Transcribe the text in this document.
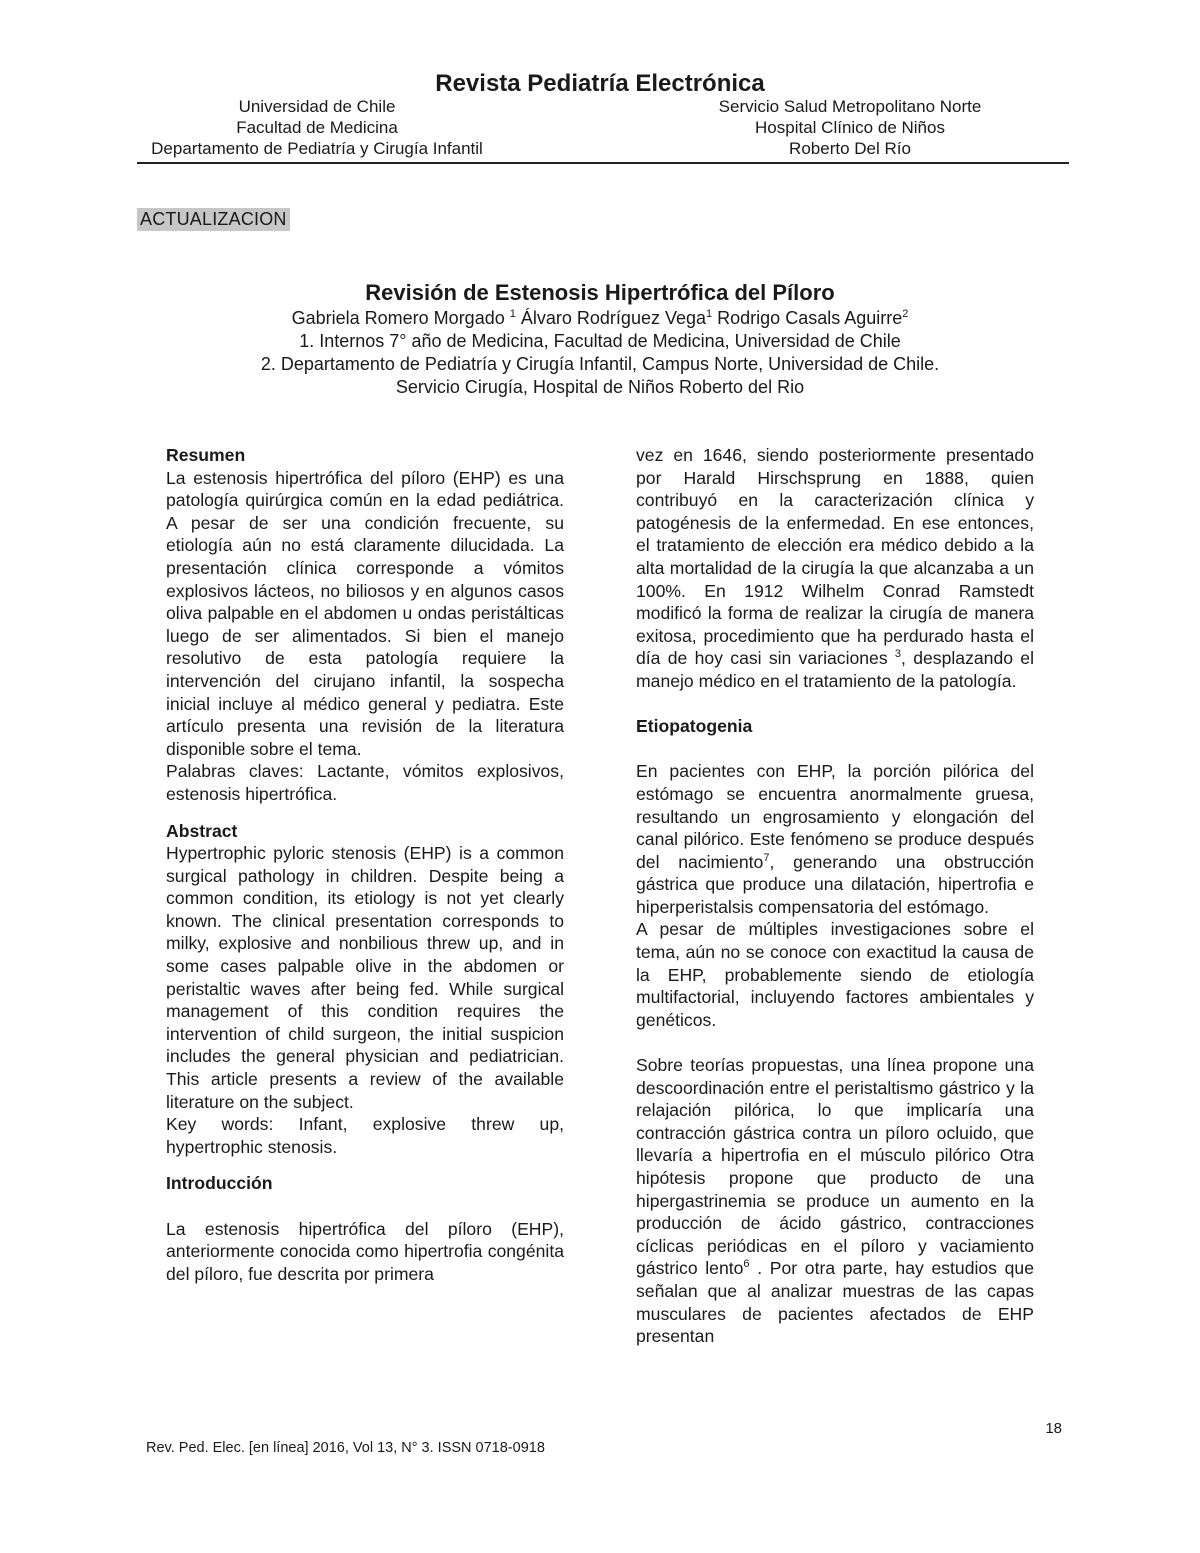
Revista Pediatría Electrónica
Universidad de Chile
Facultad de Medicina
Departamento de Pediatría y Cirugía Infantil
Servicio Salud Metropolitano Norte
Hospital Clínico de Niños
Roberto Del Río
ACTUALIZACION
Revisión de Estenosis Hipertrófica del Píloro
Gabriela Romero Morgado $^1$ Álvaro Rodríguez Vega$^1$ Rodrigo Casals Aguirre$^2$
1. Internos 7° año de Medicina, Facultad de Medicina, Universidad de Chile
2. Departamento de Pediatría y Cirugía Infantil, Campus Norte, Universidad de Chile.
Servicio Cirugía, Hospital de Niños Roberto del Rio
Resumen

La estenosis hipertrófica del píloro (EHP) es una patología quirúrgica común en la edad pediátrica. A pesar de ser una condición frecuente, su etiología aún no está claramente dilucidada. La presentación clínica corresponde a vómitos explosivos lácteos, no biliosos y en algunos casos oliva palpable en el abdomen u ondas peristálticas luego de ser alimentados. Si bien el manejo resolutivo de esta patología requiere la intervención del cirujano infantil, la sospecha inicial incluye al médico general y pediatra. Este artículo presenta una revisión de la literatura disponible sobre el tema.

Palabras claves: Lactante, vómitos explosivos, estenosis hipertrófica.

Abstract

Hypertrophic pyloric stenosis (EHP) is a common surgical pathology in children. Despite being a common condition, its etiology is not yet clearly known. The clinical presentation corresponds to milky, explosive and nonbilious threw up, and in some cases palpable olive in the abdomen or peristaltic waves after being fed. While surgical management of this condition requires the intervention of child surgeon, the initial suspicion includes the general physician and pediatrician. This article presents a review of the available literature on the subject.

Key words: Infant, explosive threw up, hypertrophic stenosis.

Introducción

La estenosis hipertrófica del píloro (EHP), anteriormente conocida como hipertrofia congénita del píloro, fue descrita por primera

vez en 1646, siendo posteriormente presentado por Harald Hirschsprung en 1888, quien contribuyó en la caracterización clínica y patogénesis de la enfermedad. En ese entonces, el tratamiento de elección era médico debido a la alta mortalidad de la cirugía la que alcanzaba a un 100%. En 1912 Wilhelm Conrad Ramstedt modificó la forma de realizar la cirugía de manera exitosa, procedimiento que ha perdurado hasta el día de hoy casi sin variaciones $^3$, desplazando el manejo médico en el tratamiento de la patología.

Etiopatogenia

En pacientes con EHP, la porción pilórica del estómago se encuentra anormalmente gruesa, resultando un engrosamiento y elongación del canal pilórico. Este fenómeno se produce después del nacimiento$^7$, generando una obstrucción gástrica que produce una dilatación, hipertrofia e hiperperistalsis compensatoria del estómago.

A pesar de múltiples investigaciones sobre el tema, aún no se conoce con exactitud la causa de la EHP, probablemente siendo de etiología multifactorial, incluyendo factores ambientales y genéticos.

Sobre teorías propuestas, una línea propone una descoordinación entre el peristaltismo gástrico y la relajación pilórica, lo que implicaría una contracción gástrica contra un píloro ocluido, que llevaría a hipertrofia en el músculo pilórico Otra hipótesis propone que producto de una hipergastrinemia se produce un aumento en la producción de ácido gástrico, contracciones cíclicas periódicas en el píloro y vaciamiento gástrico lento$^6$ . Por otra parte, hay estudios que señalan que al analizar muestras de las capas musculares de pacientes afectados de EHP presentan

18
Rev. Ped. Elec. [en línea] 2016, Vol 13, N° 3. ISSN 0718-0918
